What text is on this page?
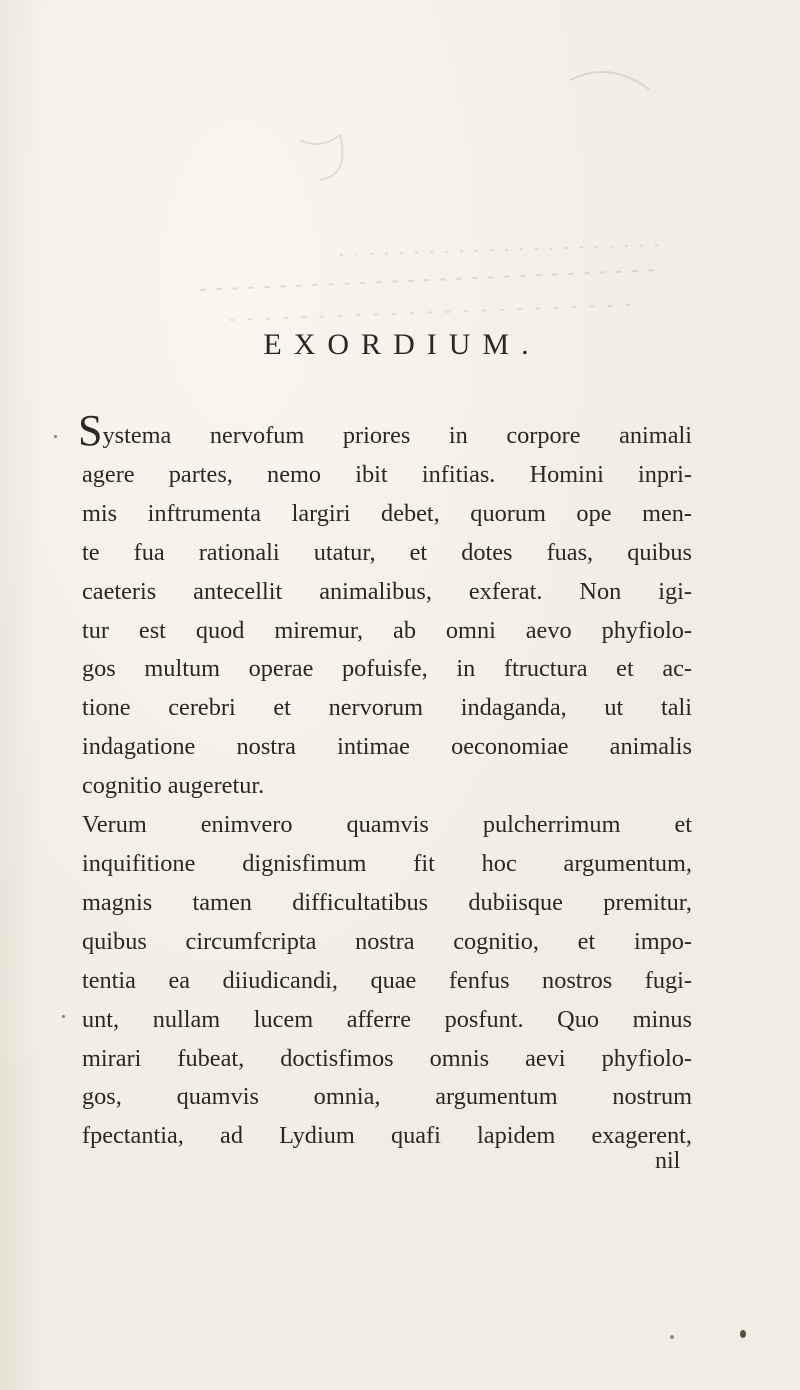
EXORDIUM.
Systema nervofum priores in corpore animali
agere partes, nemo ibit infitias. Homini inpri-
mis inftrumenta largiri debet, quorum ope men-
te fua rationali utatur, et dotes fuas, quibus
caeteris antecellit animalibus, exferat. Non igi-
tur est quod miremur, ab omni aevo phyfiolo-
gos multum operae pofuisfe, in ftructura et ac-
tione cerebri et nervorum indaganda, ut tali
indagatione nostra intimae oeconomiae animalis
cognitio augeretur.
Verum enimvero quamvis pulcherrimum et
inquifitione dignisfimum fit hoc argumentum,
magnis tamen difficultatibus dubiisque premitur,
quibus circumfcripta nostra cognitio, et impo-
tentia ea diiudicandi, quae fenfus nostros fugi-
unt, nullam lucem afferre posfunt. Quo minus
mirari fubeat, doctisfimos omnis aevi phyfiolo-
gos, quamvis omnia, argumentum nostrum
fpectantia, ad Lydium quafi lapidem exagerent,
nil
